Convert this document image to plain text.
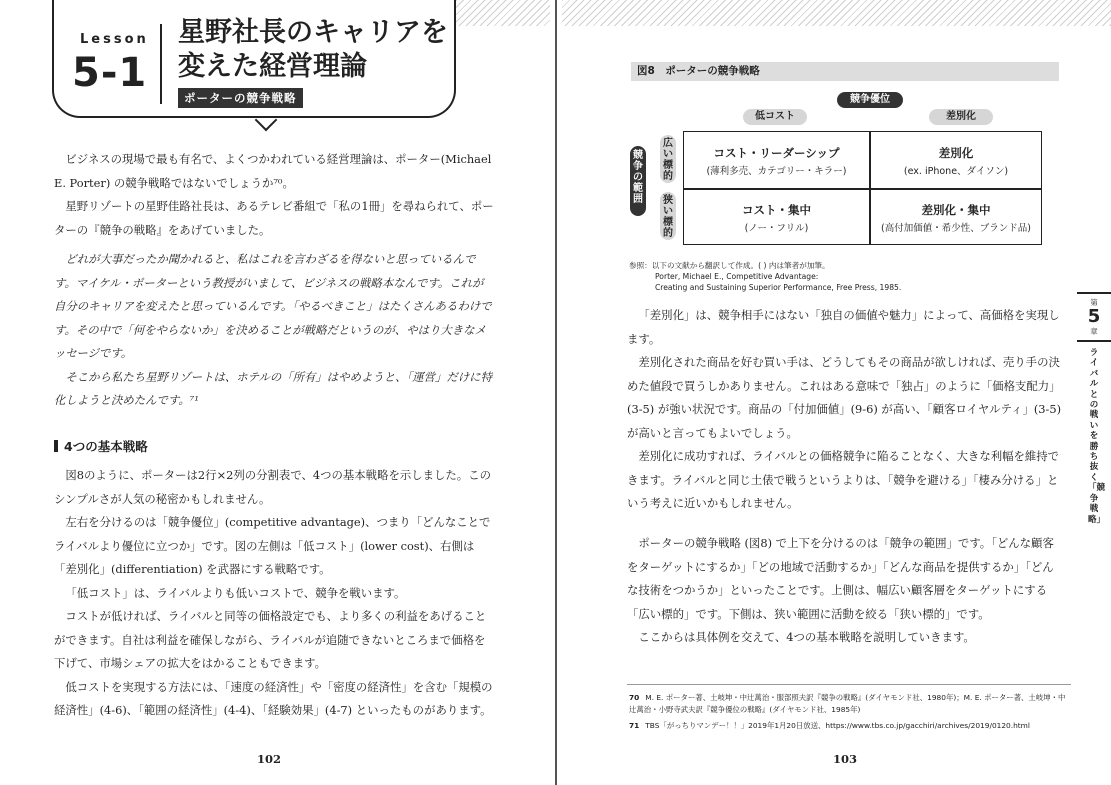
Lesson
5-1
星野社長のキャリアを
変えた経営理論
ポーターの競争戦略

ビジネスの現場で最も有名で、よくつかわれている経営理論は、ポーター(Michael E. Porter) の競争戦略ではないでしょうか⁷⁰。

星野リゾートの星野佳路社長は、あるテレビ番組で「私の1冊」を尋ねられて、ポーターの『競争の戦略』をあげていました。

どれが大事だったか聞かれると、私はこれを言わざるを得ないと思っているんです。マイケル・ポーターという教授がいまして、ビジネスの戦略本なんです。これが自分のキャリアを変えたと思っているんです。「やるべきこと」はたくさんあるわけです。その中で「何をやらないか」を決めることが戦略だというのが、やはり大きなメッセージです。

そこから私たち星野リゾートは、ホテルの「所有」はやめようと、「運営」だけに特化しようと決めたんです。⁷¹

4つの基本戦略

図8のように、ポーターは2行×2列の分割表で、4つの基本戦略を示しました。このシンプルさが人気の秘密かもしれません。

左右を分けるのは「競争優位」(competitive advantage)、つまり「どんなことでライバルより優位に立つか」です。図の左側は「低コスト」(lower cost)、右側は「差別化」(differentiation) を武器にする戦略です。

「低コスト」は、ライバルよりも低いコストで、競争を戦います。

コストが低ければ、ライバルと同等の価格設定でも、より多くの利益をあげることができます。自社は利益を確保しながら、ライバルが追随できないところまで価格を下げて、市場シェアの拡大をはかることもできます。

低コストを実現する方法には、「速度の経済性」や「密度の経済性」を含む「規模の経済性」(4-6)、「範囲の経済性」(4-4)、「経験効果」(4-7) といったものがあります。

102
図8　ポーターの競争戦略
競争優位
低コスト	差別化
競争の範囲
広い標的
狭い標的
コスト・リーダーシップ
(薄利多売、カテゴリー・キラー)
差別化
(ex. iPhone、ダイソン)
コスト・集中
(ノー・フリル)
差別化・集中
(高付加価値・希少性、ブランド品)
参照：以下の文献から翻訳して作成。( ) 内は筆者が加筆。
Porter, Michael E., Competitive Advantage:
Creating and Sustaining Superior Performance, Free Press, 1985.

「差別化」は、競争相手にはない「独自の価値や魅力」によって、高価格を実現します。

差別化された商品を好む買い手は、どうしてもその商品が欲しければ、売り手の決めた値段で買うしかありません。これはある意味で「独占」のように「価格支配力」(3-5) が強い状況です。商品の「付加価値」(9-6) が高い、「顧客ロイヤルティ」(3-5) が高いと言ってもよいでしょう。

差別化に成功すれば、ライバルとの価格競争に陥ることなく、大きな利幅を維持できます。ライバルと同じ土俵で戦うというよりは、「競争を避ける」「棲み分ける」という考えに近いかもしれません。

ポーターの競争戦略 (図8) で上下を分けるのは「競争の範囲」です。「どんな顧客をターゲットにするか」「どの地域で活動するか」「どんな商品を提供するか」「どんな技術をつかうか」といったことです。上側は、幅広い顧客層をターゲットにする「広い標的」です。下側は、狭い範囲に活動を絞る「狭い標的」です。

ここからは具体例を交えて、4つの基本戦略を説明していきます。

70 M. E. ポーター著、土岐坤・中辻萬治・服部照夫訳『競争の戦略』(ダイヤモンド社、1980年)；M. E. ポーター著、土岐坤・中辻萬治・小野寺武夫訳『競争優位の戦略』(ダイヤモンド社、1985年)
71 TBS「がっちりマンデー！！」2019年1月20日放送、https://www.tbs.co.jp/gacchiri/archives/2019/0120.html
第
5
章
ライバルとの戦いを勝ち抜く「競争戦略」
103
